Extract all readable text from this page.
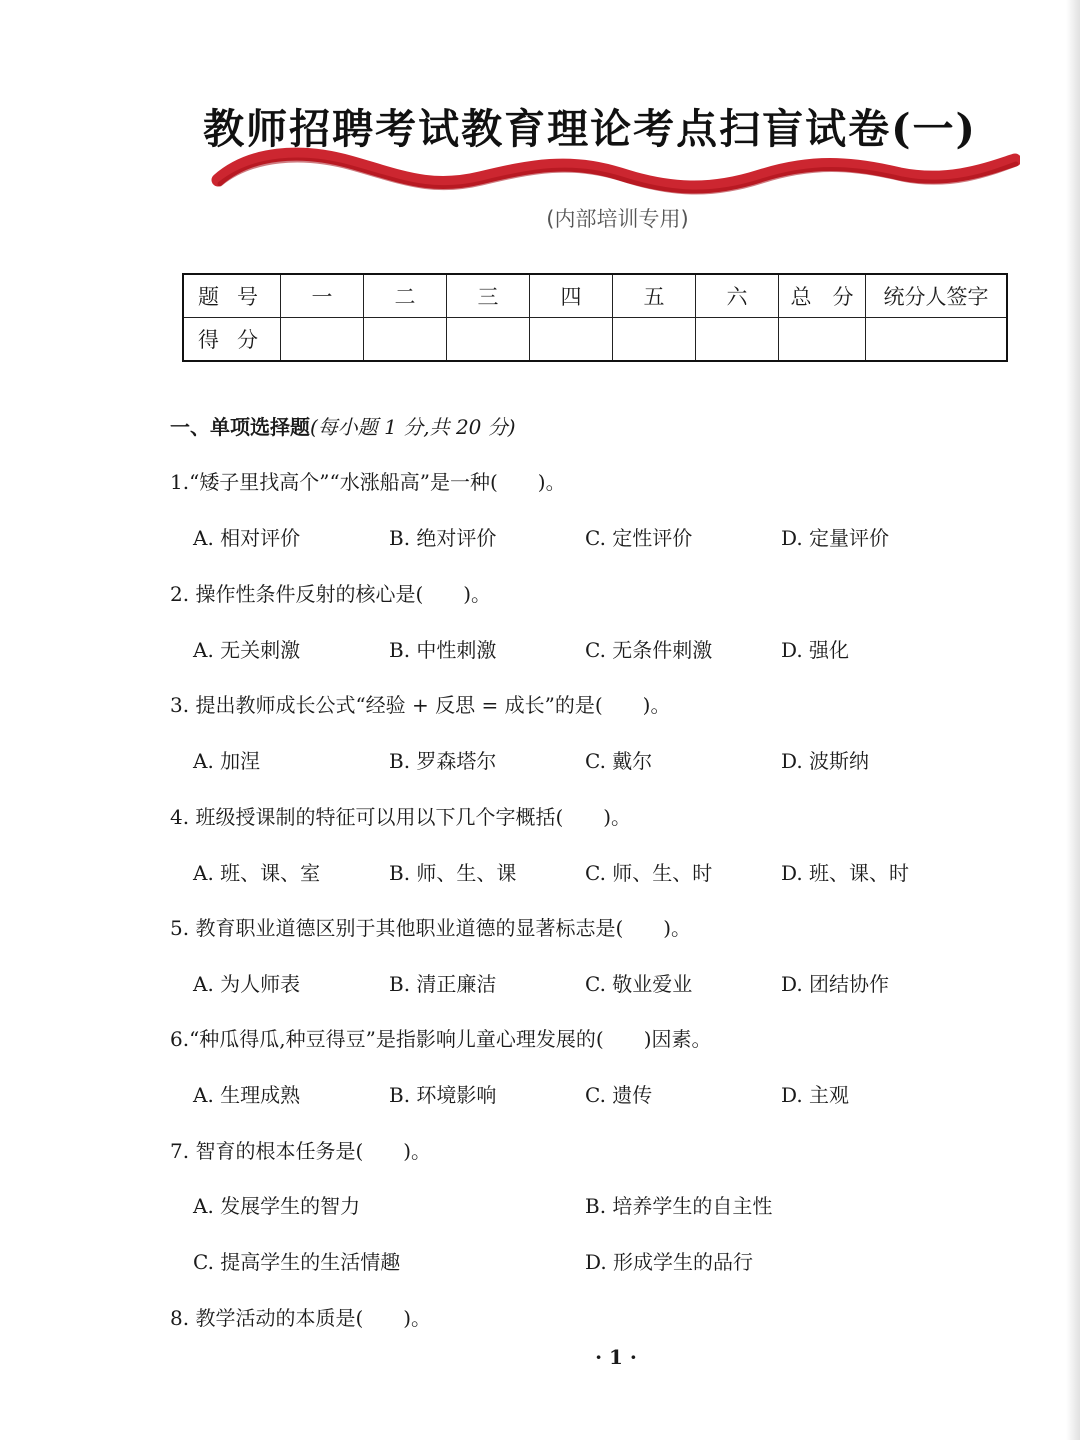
教师招聘考试教育理论考点扫盲试卷(一)
(内部培训专用)
题号	一	二	三	四	五	六	总　分	统分人签字
得分								
一、单项选择题(每小题 1 分,共 20 分)
1.“矮子里找高个”“水涨船高”是一种(　　)。
A. 相对评价	B. 绝对评价	C. 定性评价	D. 定量评价
2. 操作性条件反射的核心是(　　)。
A. 无关刺激	B. 中性刺激	C. 无条件刺激	D. 强化
3. 提出教师成长公式“经验 + 反思 = 成长”的是(　　)。
A. 加涅	B. 罗森塔尔	C. 戴尔	D. 波斯纳
4. 班级授课制的特征可以用以下几个字概括(　　)。
A. 班、课、室	B. 师、生、课	C. 师、生、时	D. 班、课、时
5. 教育职业道德区别于其他职业道德的显著标志是(　　)。
A. 为人师表	B. 清正廉洁	C. 敬业爱业	D. 团结协作
6.“种瓜得瓜,种豆得豆”是指影响儿童心理发展的(　　)因素。
A. 生理成熟	B. 环境影响	C. 遗传	D. 主观
7. 智育的根本任务是(　　)。
A. 发展学生的智力	B. 培养学生的自主性
C. 提高学生的生活情趣	D. 形成学生的品行
8. 教学活动的本质是(　　)。
· 1 ·
